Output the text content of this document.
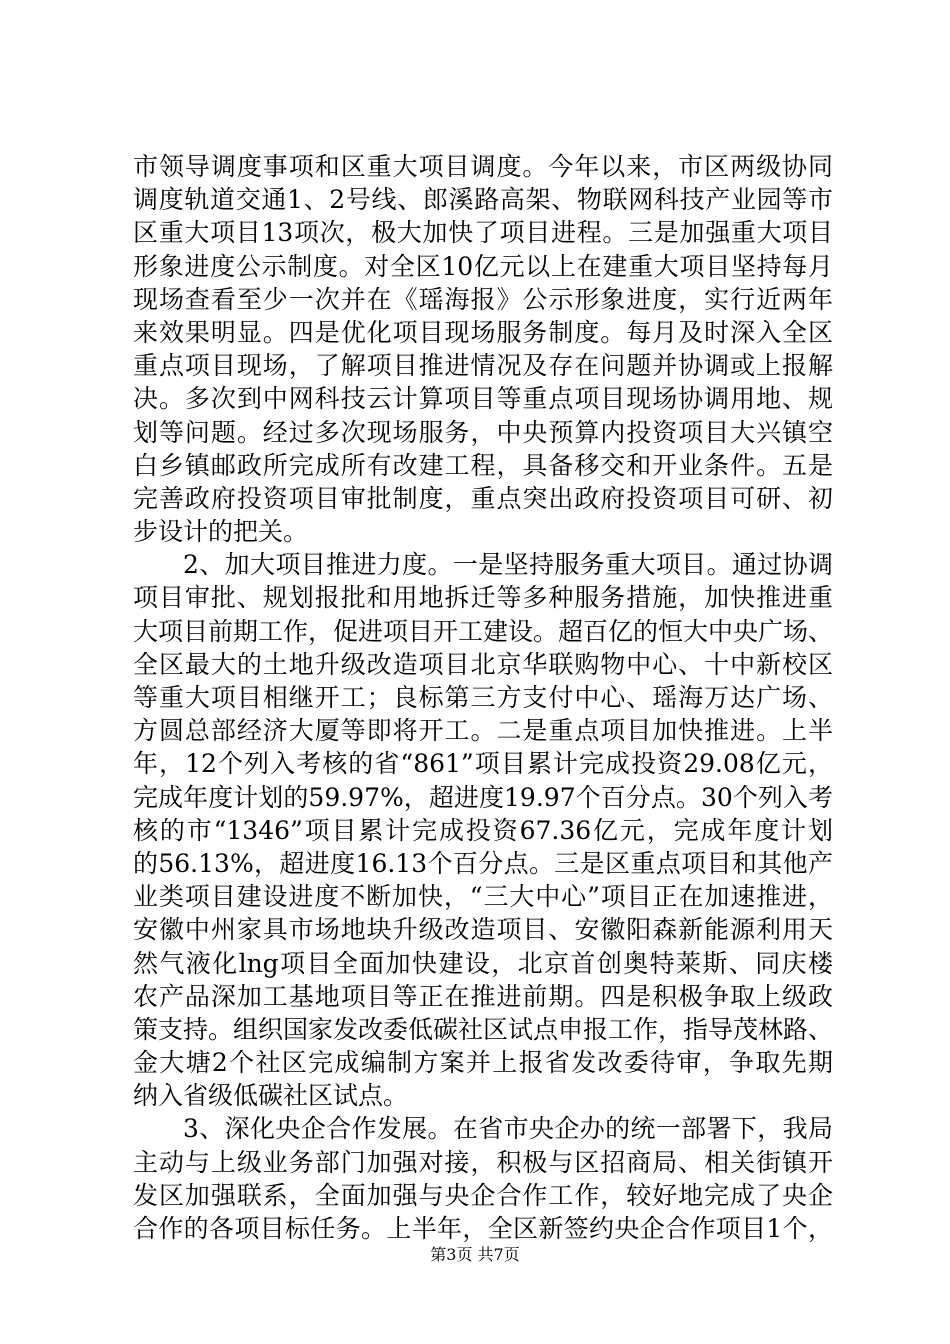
市领导调度事项和区重大项目调度。今年以来，市区两级协同
调度轨道交通1、2号线、郎溪路高架、物联网科技产业园等市
区重大项目13项次，极大加快了项目进程。三是加强重大项目
形象进度公示制度。对全区10亿元以上在建重大项目坚持每月
现场查看至少一次并在《瑶海报》公示形象进度，实行近两年
来效果明显。四是优化项目现场服务制度。每月及时深入全区
重点项目现场，了解项目推进情况及存在问题并协调或上报解
决。多次到中网科技云计算项目等重点项目现场协调用地、规
划等问题。经过多次现场服务，中央预算内投资项目大兴镇空
白乡镇邮政所完成所有改建工程，具备移交和开业条件。五是
完善政府投资项目审批制度，重点突出政府投资项目可研、初
步设计的把关。
2、加大项目推进力度。一是坚持服务重大项目。通过协调
项目审批、规划报批和用地拆迁等多种服务措施，加快推进重
大项目前期工作，促进项目开工建设。超百亿的恒大中央广场、
全区最大的土地升级改造项目北京华联购物中心、十中新校区
等重大项目相继开工；良标第三方支付中心、瑶海万达广场、
方圆总部经济大厦等即将开工。二是重点项目加快推进。上半
年，12个列入考核的省“861”项目累计完成投资29.08亿元，
完成年度计划的59.97%，超进度19.97个百分点。30个列入考
核的市“1346”项目累计完成投资67.36亿元，完成年度计划
的56.13%，超进度16.13个百分点。三是区重点项目和其他产
业类项目建设进度不断加快，“三大中心”项目正在加速推进，
安徽中州家具市场地块升级改造项目、安徽阳森新能源利用天
然气液化lng项目全面加快建设，北京首创奥特莱斯、同庆楼
农产品深加工基地项目等正在推进前期。四是积极争取上级政
策支持。组织国家发改委低碳社区试点申报工作，指导茂林路、
金大塘2个社区完成编制方案并上报省发改委待审，争取先期
纳入省级低碳社区试点。
3、深化央企合作发展。在省市央企办的统一部署下，我局
主动与上级业务部门加强对接，积极与区招商局、相关街镇开
发区加强联系，全面加强与央企合作工作，较好地完成了央企
合作的各项目标任务。上半年，全区新签约央企合作项目1个，
第3页 共7页
